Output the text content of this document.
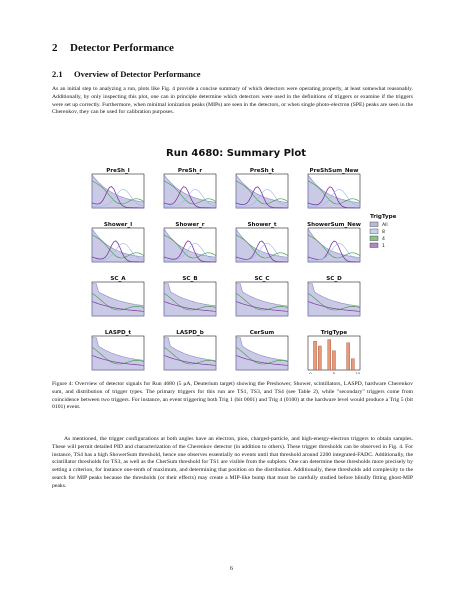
2 Detector Performance
2.1 Overview of Detector Performance
As an initial step to analyzing a run, plots like Fig. 4 provide a concise summary of which detectors were operating properly, at least somewhat reasonably. Additionally, by only inspecting this plot, one can in principle determine which detectors were used in the definitions of triggers or examine if the triggers were set up correctly. Furthermore, when minimal ionization peaks (MIPs) are seen in the detectors, or when single photo-electron (SPE) peaks are seen in the Cherenkov, they can be used for calibration purposes.
Run 4680: Summary Plot
PreSh_l	PreSh_r	PreSh_t	PreShSum_New
Shower_l	Shower_r	Shower_t	ShowerSum_New
SC_A	SC_B	SC_C	SC_D
LASPD_t	LASPD_b	CerSum	TrigType
0	5	10
TrigType
All
8
4
1
Figure 4: Overview of detector signals for Run 4680 (5 μA, Deuterium target) showing the Preshower, Shower, scintillators, LASPD, hardware Cherenkov sum, and distribution of trigger types. The primary triggers for this run are TS1, TS3, and TS4 (see Table 2), while "secondary" triggers come from coincidence between two triggers. For instance, an event triggering both Trig 1 (bit 0001) and Trig 4 (0100) at the hardware level would produce a Trig 5 (bit 0101) event.
As mentioned, the trigger configurations at both angles have an electron, pion, charged-particle, and high-energy-electron triggers to obtain samples. These will permit detailed PID and characterization of the Cherenkov detector (in addition to others). These trigger thresholds can be observed in Fig. 4. For instance, TS4 has a high ShowerSum threshold, hence one observes essentially no events until that threshold around 2200 integrated-FADC. Additionally, the scintillator thresholds for TS3, as well as the CherSum threshold for TS1 are visible from the subplots. One can determine these thresholds more precisely by setting a criterion, for instance one-tenth of maximum, and determining that position on the distribution. Additionally, these thresholds add complexity to the search for MIP peaks because the thresholds (or their effects) may create a MIP-like bump that must be carefully studied before blindly fitting ghost-MIP peaks.
6
